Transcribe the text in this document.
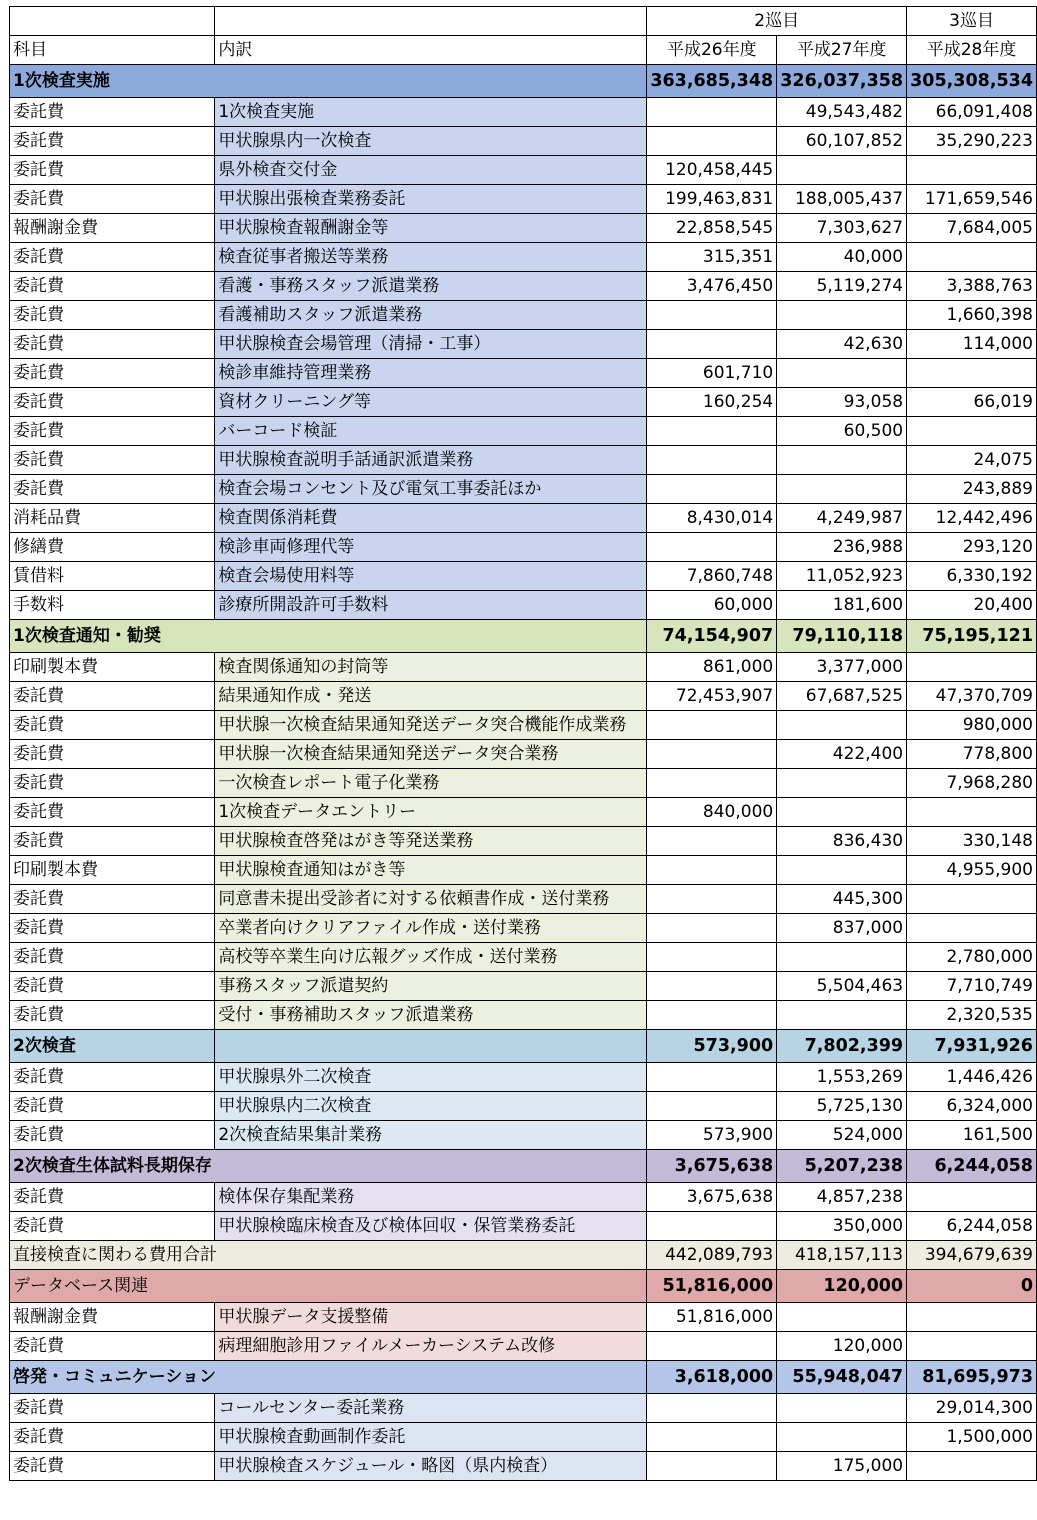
		2巡目		3巡目
科目	内訳	平成26年度	平成27年度	平成28年度
1次検査実施		363,685,348	326,037,358	305,308,534
委託費	1次検査実施		49,543,482	66,091,408
委託費	甲状腺県内一次検査		60,107,852	35,290,223
委託費	県外検査交付金	120,458,445		
委託費	甲状腺出張検査業務委託	199,463,831	188,005,437	171,659,546
報酬謝金費	甲状腺検査報酬謝金等	22,858,545	7,303,627	7,684,005
委託費	検査従事者搬送等業務	315,351	40,000	
委託費	看護・事務スタッフ派遣業務	3,476,450	5,119,274	3,388,763
委託費	看護補助スタッフ派遣業務			1,660,398
委託費	甲状腺検査会場管理（清掃・工事）		42,630	114,000
委託費	検診車維持管理業務	601,710		
委託費	資材クリーニング等	160,254	93,058	66,019
委託費	バーコード検証		60,500	
委託費	甲状腺検査説明手話通訳派遣業務			24,075
委託費	検査会場コンセント及び電気工事委託ほか			243,889
消耗品費	検査関係消耗費	8,430,014	4,249,987	12,442,496
修繕費	検診車両修理代等		236,988	293,120
賃借料	検査会場使用料等	7,860,748	11,052,923	6,330,192
手数料	診療所開設許可手数料	60,000	181,600	20,400
1次検査通知・勧奨		74,154,907	79,110,118	75,195,121
印刷製本費	検査関係通知の封筒等	861,000	3,377,000	
委託費	結果通知作成・発送	72,453,907	67,687,525	47,370,709
委託費	甲状腺一次検査結果通知発送データ突合機能作成業務			980,000
委託費	甲状腺一次検査結果通知発送データ突合業務		422,400	778,800
委託費	一次検査レポート電子化業務			7,968,280
委託費	1次検査データエントリー	840,000		
委託費	甲状腺検査啓発はがき等発送業務		836,430	330,148
印刷製本費	甲状腺検査通知はがき等			4,955,900
委託費	同意書未提出受診者に対する依頼書作成・送付業務		445,300	
委託費	卒業者向けクリアファイル作成・送付業務		837,000	
委託費	高校等卒業生向け広報グッズ作成・送付業務			2,780,000
委託費	事務スタッフ派遣契約		5,504,463	7,710,749
委託費	受付・事務補助スタッフ派遣業務			2,320,535
2次検査		573,900	7,802,399	7,931,926
委託費	甲状腺県外二次検査		1,553,269	1,446,426
委託費	甲状腺県内二次検査		5,725,130	6,324,000
委託費	2次検査結果集計業務	573,900	524,000	161,500
2次検査生体試料長期保存		3,675,638	5,207,238	6,244,058
委託費	検体保存集配業務	3,675,638	4,857,238	
委託費	甲状腺検臨床検査及び検体回収・保管業務委託		350,000	6,244,058
直接検査に関わる費用合計		442,089,793	418,157,113	394,679,639
データベース関連		51,816,000	120,000	0
報酬謝金費	甲状腺データ支援整備	51,816,000		
委託費	病理細胞診用ファイルメーカーシステム改修		120,000	
啓発・コミュニケーション		3,618,000	55,948,047	81,695,973
委託費	コールセンター委託業務			29,014,300
委託費	甲状腺検査動画制作委託			1,500,000
委託費	甲状腺検査スケジュール・略図（県内検査）		175,000	
